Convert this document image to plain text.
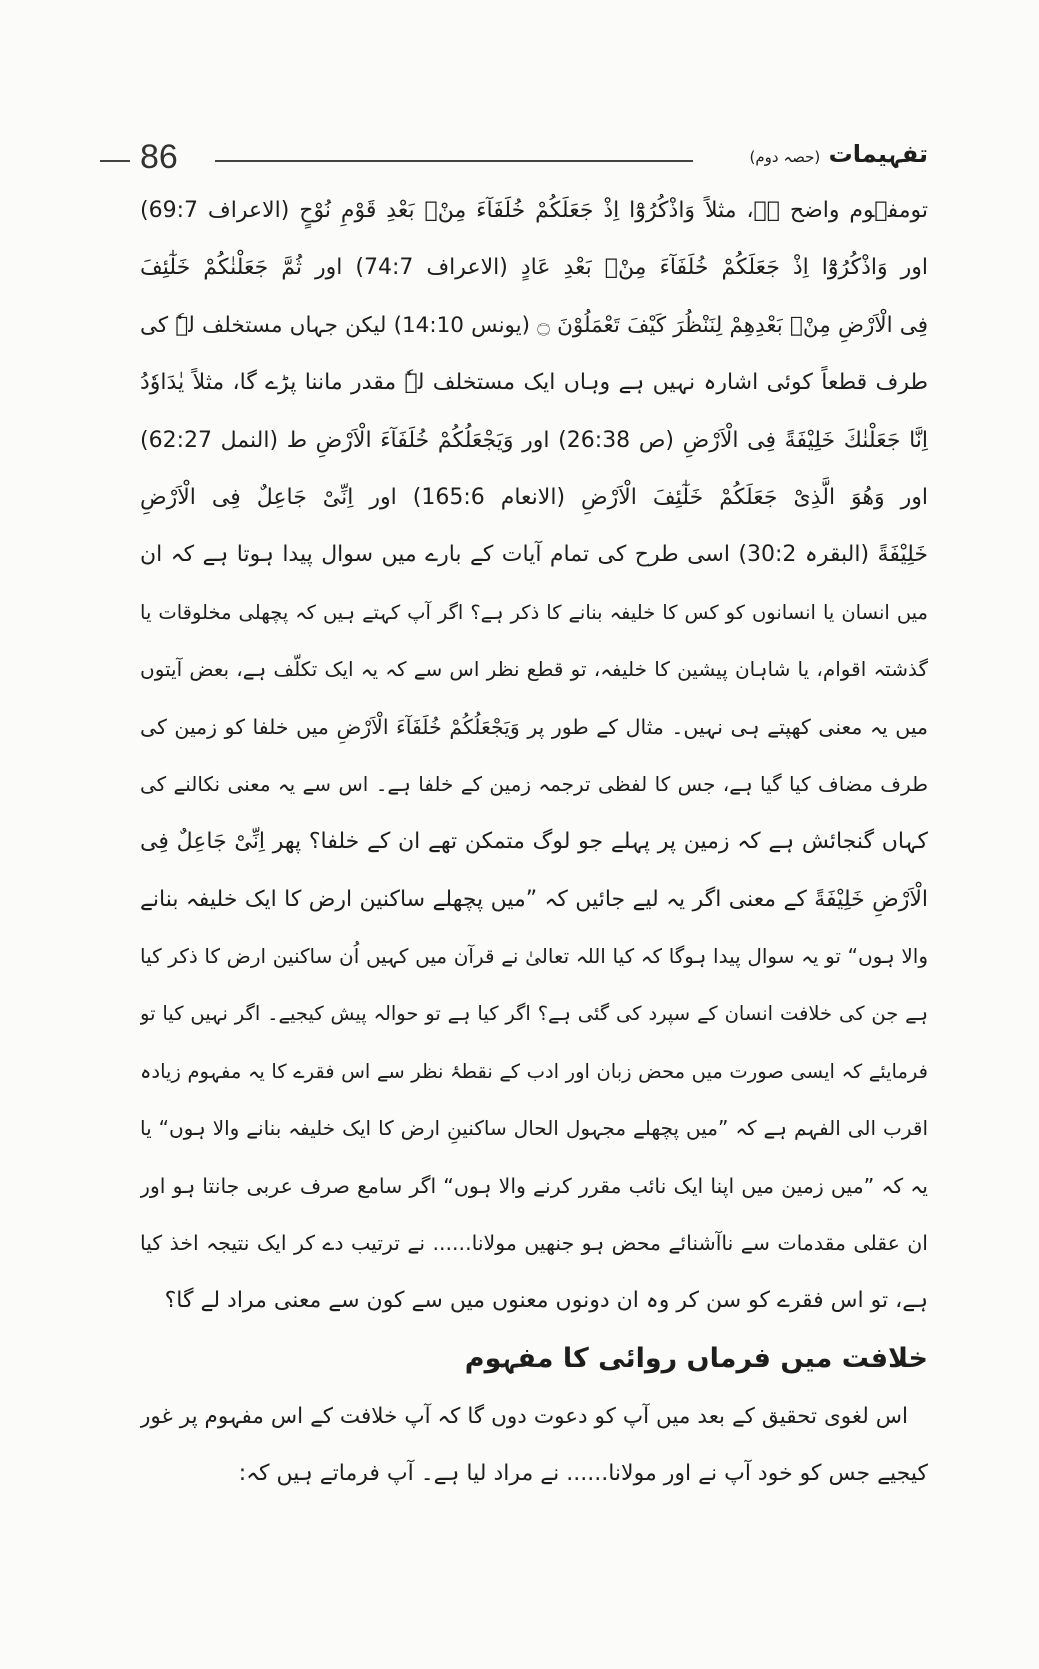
86	تفہیمات (حصہ دوم)
تومفہوم واضح ہے، مثلاً وَاذْكُرُوْٓا اِذْ جَعَلَكُمْ خُلَفَآءَ مِنْۢ بَعْدِ قَوْمِ نُوْحٍ (الاعراف 69:7)
اور وَاذْكُرُوْٓا اِذْ جَعَلَكُمْ خُلَفَآءَ مِنْۢ بَعْدِ عَادٍ (الاعراف 74:7) اور ثُمَّ جَعَلْنٰكُمْ خَلٰٓئِفَ
فِى الْاَرْضِ مِنْۢ بَعْدِهِمْ لِنَنْظُرَ كَيْفَ تَعْمَلُوْنَ ۝ (یونس 14:10) لیکن جہاں مستخلف لہٗ کی
طرف قطعاً کوئی اشارہ نہیں ہے وہاں ایک مستخلف لہٗ مقدر ماننا پڑے گا، مثلاً يٰدَاوٗدُ
اِنَّا جَعَلْنٰكَ خَلِيْفَةً فِى الْاَرْضِ (ص 26:38) اور وَيَجْعَلُكُمْ خُلَفَآءَ الْاَرْضِ ط (النمل 62:27)
اور وَهُوَ الَّذِىْ جَعَلَكُمْ خَلٰٓئِفَ الْاَرْضِ (الانعام 165:6) اور اِنِّىْ جَاعِلٌ فِى الْاَرْضِ
خَلِيْفَةً (البقرہ 30:2) اسی طرح کی تمام آیات کے بارے میں سوال پیدا ہوتا ہے کہ ان
میں انسان یا انسانوں کو کس کا خلیفہ بنانے کا ذکر ہے؟ اگر آپ کہتے ہیں کہ پچھلی مخلوقات یا
گذشتہ اقوام، یا شاہان پیشین کا خلیفہ، تو قطع نظر اس سے کہ یہ ایک تکلّف ہے، بعض آیتوں
میں یہ معنی کھپتے ہی نہیں۔ مثال کے طور پر وَيَجْعَلُكُمْ خُلَفَآءَ الْاَرْضِ میں خلفا کو زمین کی
طرف مضاف کیا گیا ہے، جس کا لفظی ترجمہ زمین کے خلفا ہے۔ اس سے یہ معنی نکالنے کی
کہاں گنجائش ہے کہ زمین پر پہلے جو لوگ متمکن تھے ان کے خلفا؟ پھر اِنِّىْ جَاعِلٌ فِى
الْاَرْضِ خَلِيْفَةً کے معنی اگر یہ لیے جائیں کہ ”میں پچھلے ساکنین ارض کا ایک خلیفہ بنانے
والا ہوں“ تو یہ سوال پیدا ہوگا کہ کیا اللہ تعالیٰ نے قرآن میں کہیں اُن ساکنین ارض کا ذکر کیا
ہے جن کی خلافت انسان کے سپرد کی گئی ہے؟ اگر کیا ہے تو حوالہ پیش کیجیے۔ اگر نہیں کیا تو
فرمایئے کہ ایسی صورت میں محض زبان اور ادب کے نقطۂ نظر سے اس فقرے کا یہ مفہوم زیادہ
اقرب الی الفہم ہے کہ ”میں پچھلے مجہول الحال ساکنینِ ارض کا ایک خلیفہ بنانے والا ہوں“ یا
یہ کہ ”میں زمین میں اپنا ایک نائب مقرر کرنے والا ہوں“ اگر سامع صرف عربی جانتا ہو اور
ان عقلی مقدمات سے ناآشنائے محض ہو جنھیں مولانا...... نے ترتیب دے کر ایک نتیجہ اخذ کیا
ہے، تو اس فقرے کو سن کر وہ ان دونوں معنوں میں سے کون سے معنی مراد لے گا؟
خلافت میں فرماں روائی کا مفہوم
اس لغوی تحقیق کے بعد میں آپ کو دعوت دوں گا کہ آپ خلافت کے اس مفہوم پر غور
کیجیے جس کو خود آپ نے اور مولانا...... نے مراد لیا ہے۔ آپ فرماتے ہیں کہ:
